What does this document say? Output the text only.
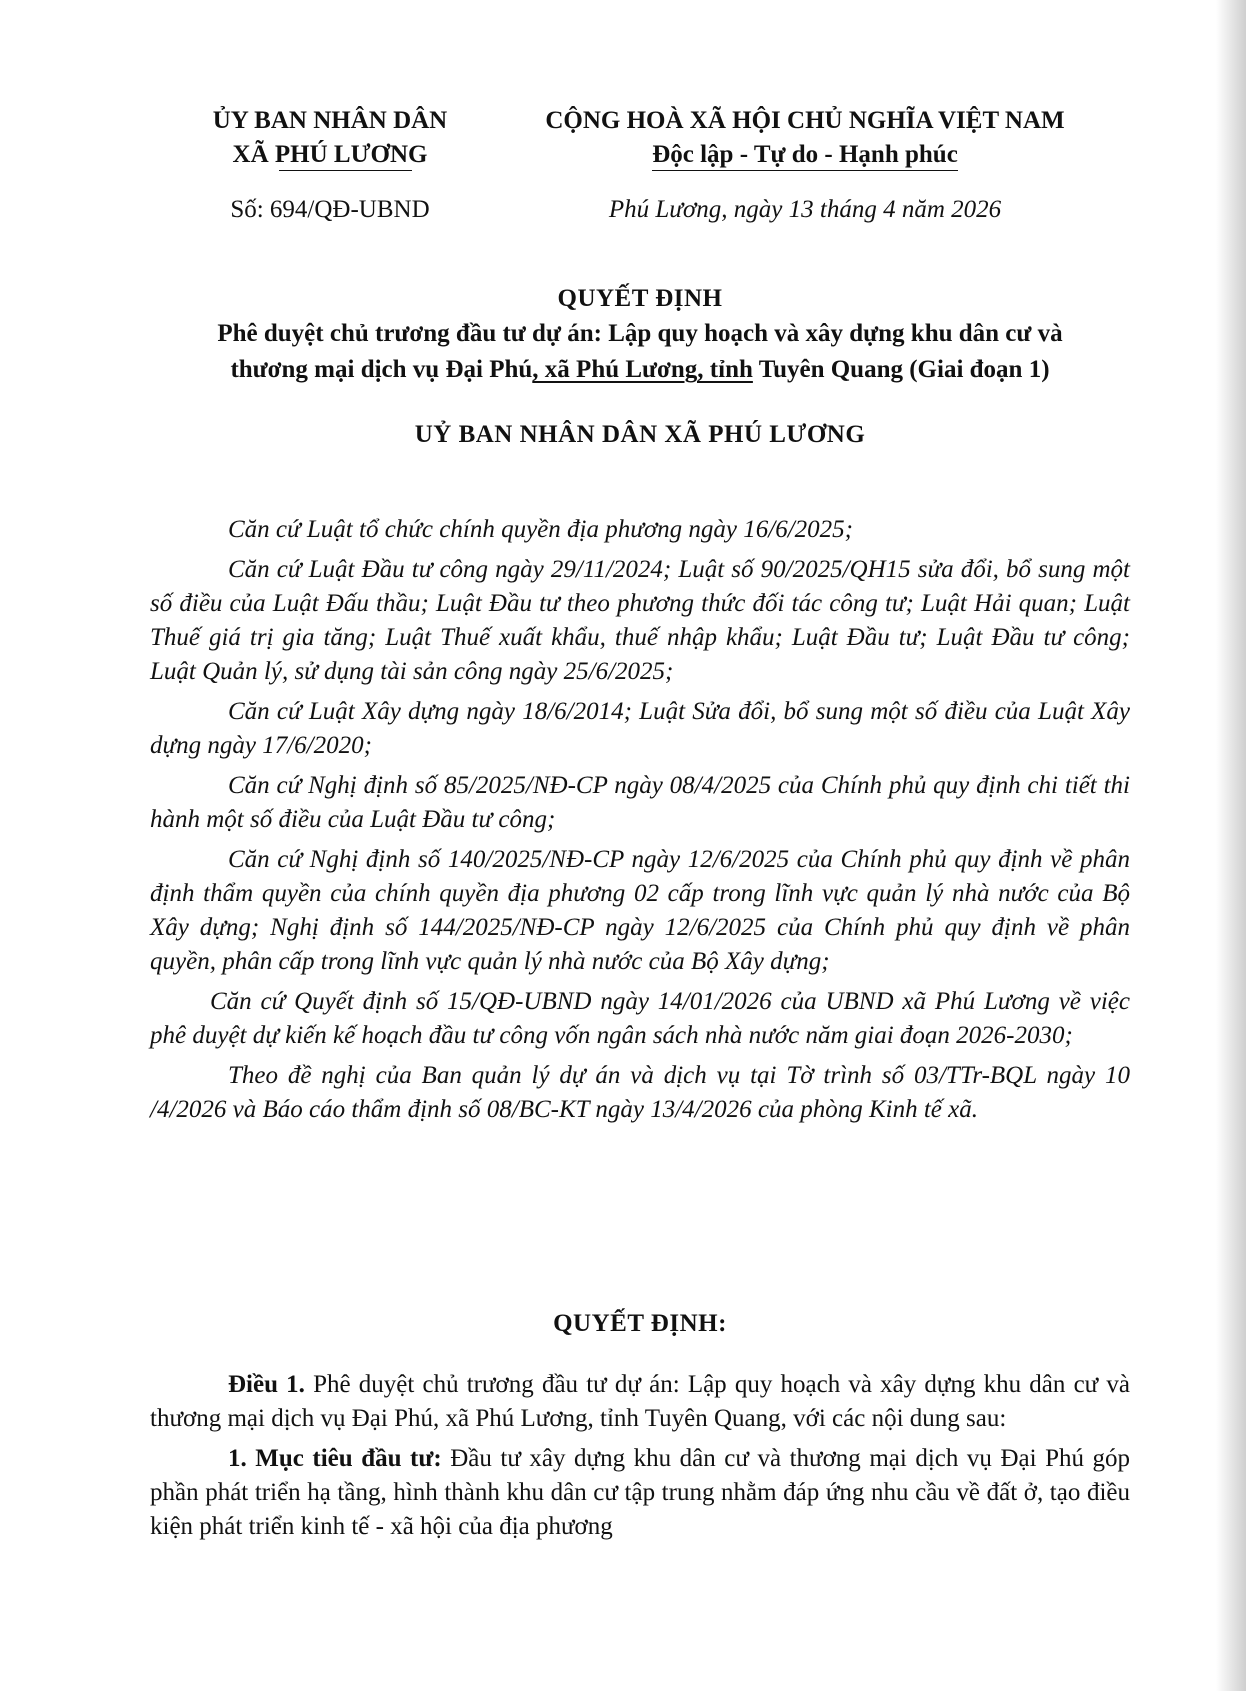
ỦY BAN NHÂN DÂN
XÃ PHÚ LƯƠNG
CỘNG HOÀ XÃ HỘI CHỦ NGHĨA VIỆT NAM
Độc lập - Tự do - Hạnh phúc
Số: 694/QĐ-UBND	Phú Lương, ngày 13 tháng 4 năm 2026
QUYẾT ĐỊNH
Phê duyệt chủ trương đầu tư dự án: Lập quy hoạch và xây dựng khu dân cư và
thương mại dịch vụ Đại Phú, xã Phú Lương, tỉnh Tuyên Quang (Giai đoạn 1)
UỶ BAN NHÂN DÂN XÃ PHÚ LƯƠNG

Căn cứ Luật tổ chức chính quyền địa phương ngày 16/6/2025;

Căn cứ Luật Đầu tư công ngày 29/11/2024; Luật số 90/2025/QH15 sửa đổi, bổ sung một số điều của Luật Đấu thầu; Luật Đầu tư theo phương thức đối tác công tư; Luật Hải quan; Luật Thuế giá trị gia tăng; Luật Thuế xuất khẩu, thuế nhập khẩu; Luật Đầu tư; Luật Đầu tư công; Luật Quản lý, sử dụng tài sản công ngày 25/6/2025;

Căn cứ Luật Xây dựng ngày 18/6/2014; Luật Sửa đổi, bổ sung một số điều của Luật Xây dựng ngày 17/6/2020;

Căn cứ Nghị định số 85/2025/NĐ-CP ngày 08/4/2025 của Chính phủ quy định chi tiết thi hành một số điều của Luật Đầu tư công;

Căn cứ Nghị định số 140/2025/NĐ-CP ngày 12/6/2025 của Chính phủ quy định về phân định thẩm quyền của chính quyền địa phương 02 cấp trong lĩnh vực quản lý nhà nước của Bộ Xây dựng; Nghị định số 144/2025/NĐ-CP ngày 12/6/2025 của Chính phủ quy định về phân quyền, phân cấp trong lĩnh vực quản lý nhà nước của Bộ Xây dựng;

Căn cứ Quyết định số 15/QĐ-UBND ngày 14/01/2026 của UBND xã Phú Lương về việc phê duyệt dự kiến kế hoạch đầu tư công vốn ngân sách nhà nước năm giai đoạn 2026-2030;

Theo đề nghị của Ban quản lý dự án và dịch vụ tại Tờ trình số 03/TTr-BQL ngày 10 /4/2026 và Báo cáo thẩm định số 08/BC-KT ngày 13/4/2026 của phòng Kinh tế xã.

QUYẾT ĐỊNH:

Điều 1. Phê duyệt chủ trương đầu tư dự án: Lập quy hoạch và xây dựng khu dân cư và thương mại dịch vụ Đại Phú, xã Phú Lương, tỉnh Tuyên Quang, với các nội dung sau:

1. Mục tiêu đầu tư: Đầu tư xây dựng khu dân cư và thương mại dịch vụ Đại Phú góp phần phát triển hạ tầng, hình thành khu dân cư tập trung nhằm đáp ứng nhu cầu về đất ở, tạo điều kiện phát triển kinh tế - xã hội của địa phương
